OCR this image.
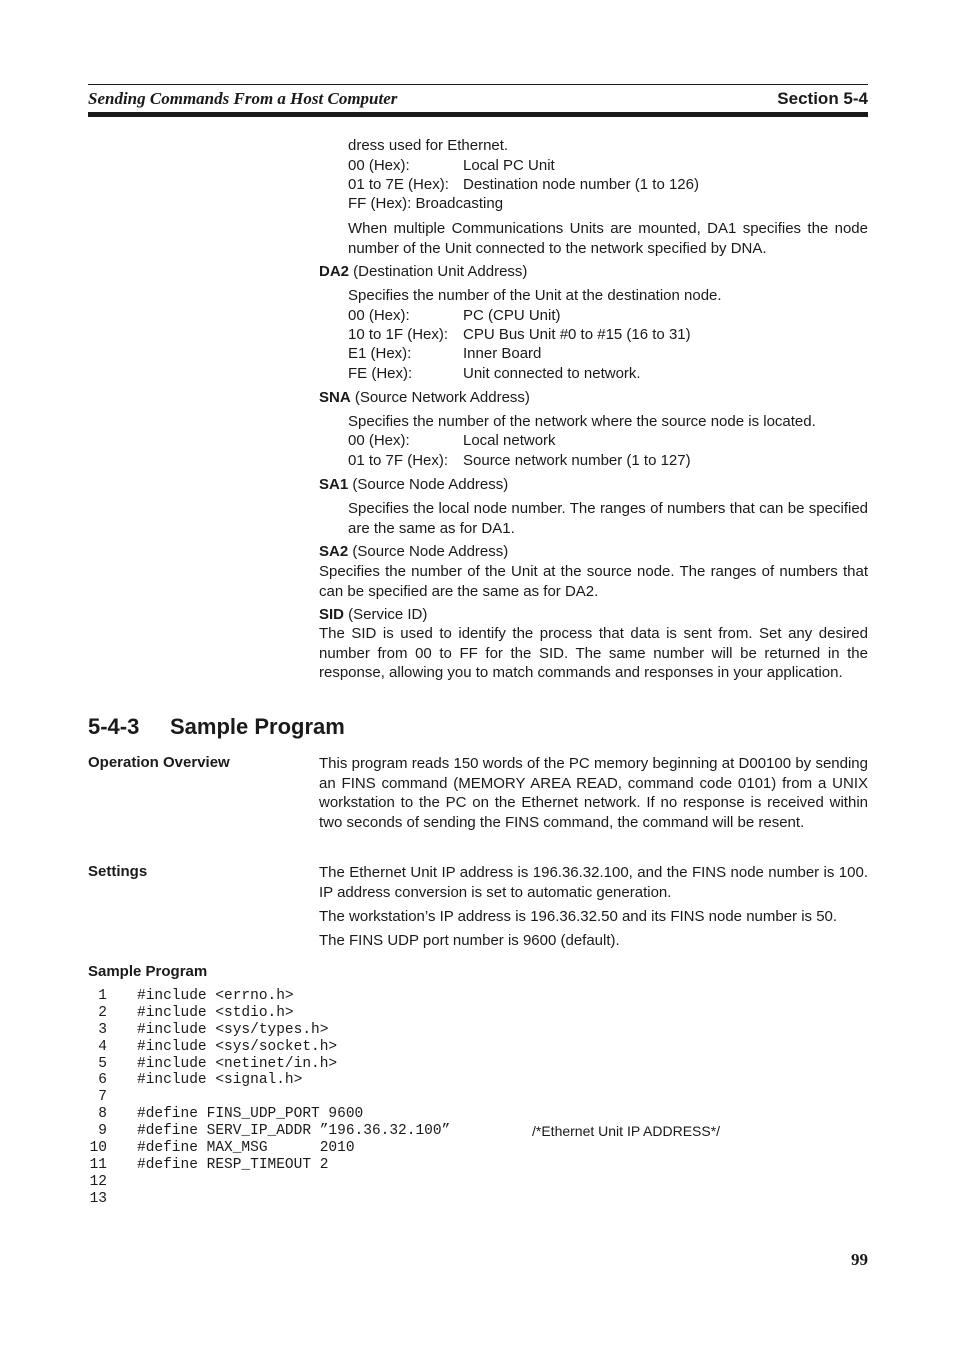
Sending Commands From a Host Computer	Section 5-4
dress used for Ethernet.
00 (Hex):	Local PC Unit
01 to 7E (Hex): Destination node number (1 to 126)
FF (Hex): Broadcasting
When multiple Communications Units are mounted, DA1 specifies the node number of the Unit connected to the network specified by DNA.
DA2 (Destination Unit Address)
Specifies the number of the Unit at the destination node.
00 (Hex):	PC (CPU Unit)
10 to 1F (Hex): CPU Bus Unit #0 to #15 (16 to 31)
E1 (Hex):	Inner Board
FE (Hex):	Unit connected to network.
SNA (Source Network Address)
Specifies the number of the network where the source node is located.
00 (Hex):	Local network
01 to 7F (Hex): Source network number (1 to 127)
SA1 (Source Node Address)
Specifies the local node number. The ranges of numbers that can be specified are the same as for DA1.
SA2 (Source Node Address)
Specifies the number of the Unit at the source node. The ranges of numbers that can be specified are the same as for DA2.
SID (Service ID)
The SID is used to identify the process that data is sent from. Set any desired number from 00 to FF for the SID. The same number will be returned in the response, allowing you to match commands and responses in your application.
5-4-3 Sample Program
Operation Overview	This program reads 150 words of the PC memory beginning at D00100 by sending an FINS command (MEMORY AREA READ, command code 0101) from a UNIX workstation to the PC on the Ethernet network. If no response is received within two seconds of sending the FINS command, the command will be resent.
Settings	The Ethernet Unit IP address is 196.36.32.100, and the FINS node number is 100. IP address conversion is set to automatic generation.
The workstation’s IP address is 196.36.32.50 and its FINS node number is 50.
The FINS UDP port number is 9600 (default).
Sample Program
1 #include <errno.h>
2 #include <stdio.h>
3 #include <sys/types.h>
4 #include <sys/socket.h>
5 #include <netinet/in.h>
6 #include <signal.h>
7
8 #define FINS_UDP_PORT 9600
9 #define SERV_IP_ADDR ”196.36.32.100”	/*Ethernet Unit IP ADDRESS*/
10 #define MAX_MSG      2010
11 #define RESP_TIMEOUT 2
12
13
99
